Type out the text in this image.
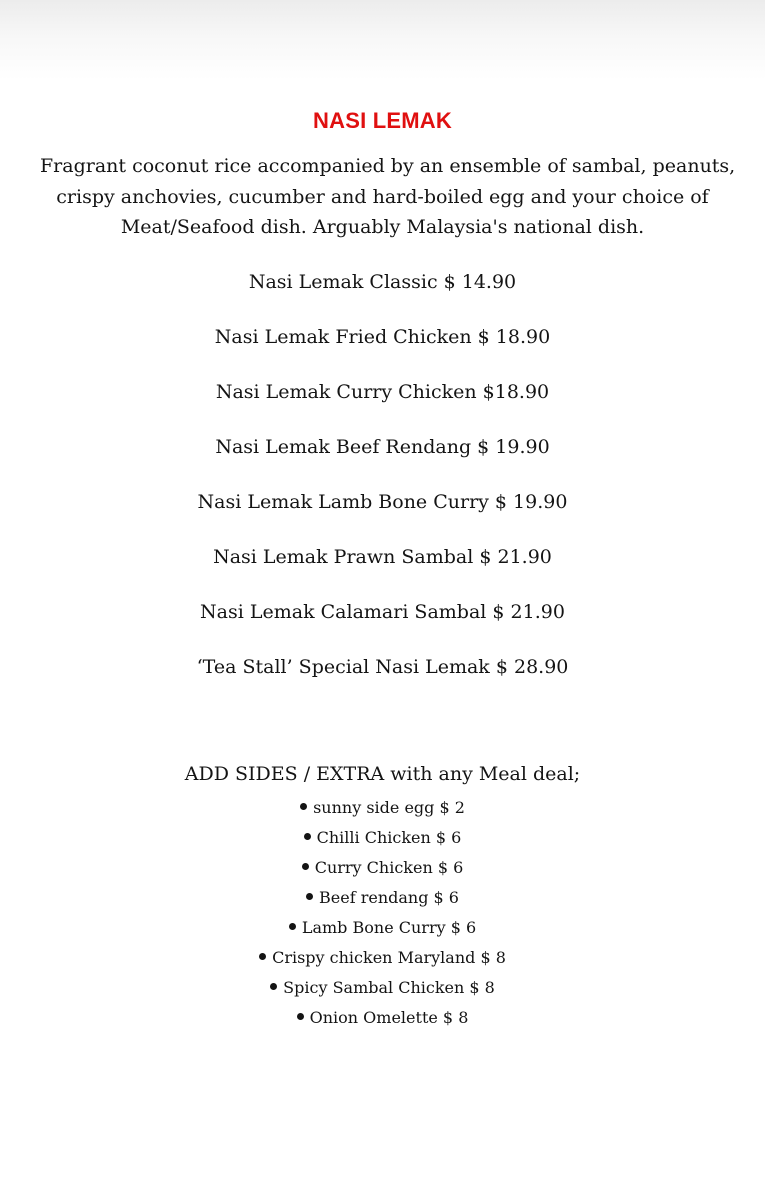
NASI LEMAK
Fragrant coconut rice accompanied by an ensemble of sambal, peanuts,
crispy anchovies, cucumber and hard-boiled egg and your choice of
Meat/Seafood dish. Arguably Malaysia's national dish.
Nasi Lemak Classic $ 14.90
Nasi Lemak Fried Chicken $ 18.90
Nasi Lemak Curry Chicken $18.90
Nasi Lemak Beef Rendang $ 19.90
Nasi Lemak Lamb Bone Curry $ 19.90
Nasi Lemak Prawn Sambal $ 21.90
Nasi Lemak Calamari Sambal $ 21.90
‘Tea Stall’ Special Nasi Lemak $ 28.90
ADD SIDES / EXTRA with any Meal deal;
sunny side egg $ 2
Chilli Chicken $ 6
Curry Chicken $ 6
Beef rendang $ 6
Lamb Bone Curry $ 6
Crispy chicken Maryland $ 8
Spicy Sambal Chicken $ 8
Onion Omelette $ 8
